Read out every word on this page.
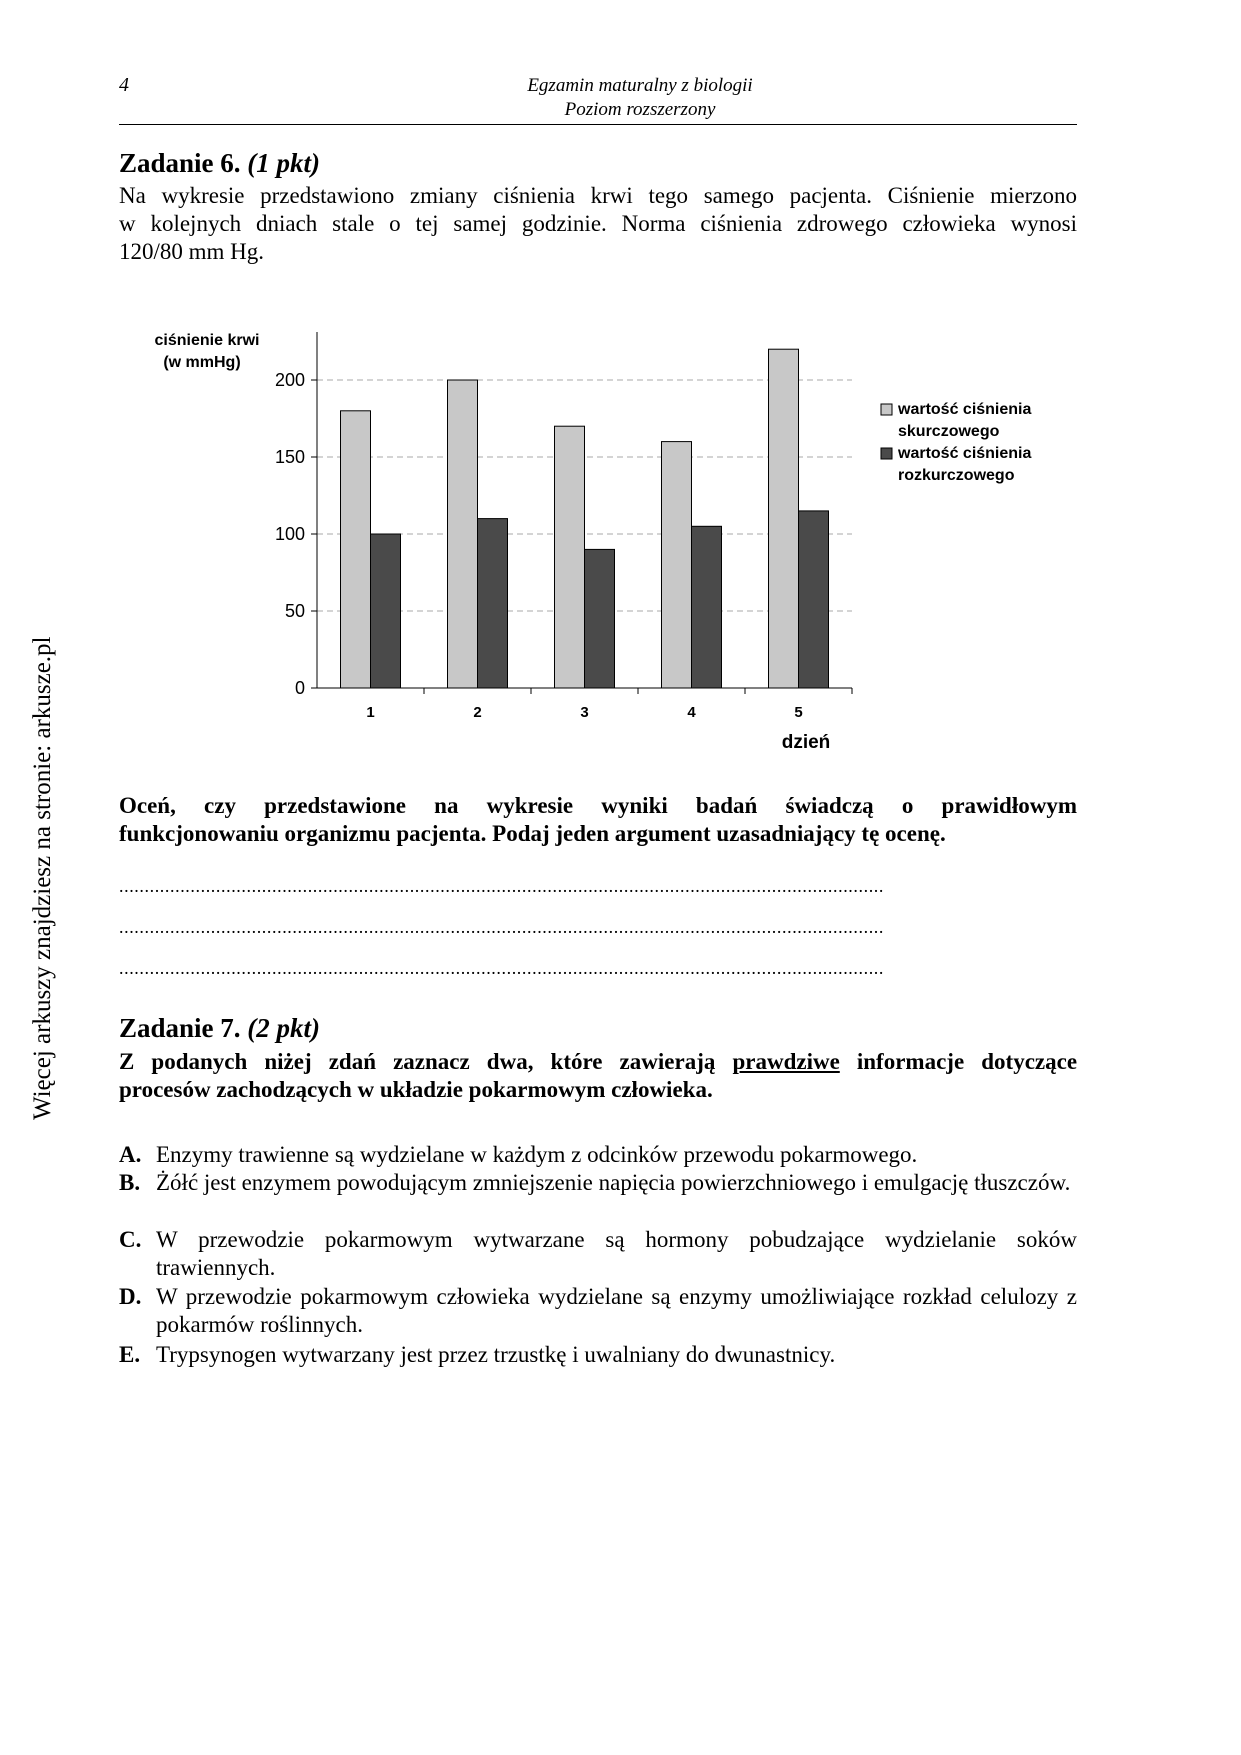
4	Egzamin maturalny z biologii
Poziom rozszerzony
Więcej arkuszy znajdziesz na stronie: arkusze.pl
Zadanie 6. (1 pkt)
Na wykresie przedstawiono zmiany ciśnienia krwi tego samego pacjenta. Ciśnienie mierzono
w kolejnych dniach stale o tej samej godzinie. Norma ciśnienia zdrowego człowieka wynosi
120/80 mm Hg.
0
50
100
150
200
1	2	3	4	5
ciśnienie krwi
(w mmHg)
dzień
wartość ciśnienia
skurczowego
wartość ciśnienia
rozkurczowego
Oceń, czy przedstawione na wykresie wyniki badań świadczą o prawidłowym
funkcjonowaniu organizmu pacjenta. Podaj jeden argument uzasadniający tę ocenę.
......................................................................................................................................................
......................................................................................................................................................
......................................................................................................................................................
Zadanie 7. (2 pkt)
Z podanych niżej zdań zaznacz dwa, które zawierają prawdziwe informacje dotyczące
procesów zachodzących w układzie pokarmowym człowieka.
A. Enzymy trawienne są wydzielane w każdym z odcinków przewodu pokarmowego.
B. Żółć jest enzymem powodującym zmniejszenie napięcia powierzchniowego i emulgację tłuszczów.
C. W przewodzie pokarmowym wytwarzane są hormony pobudzające wydzielanie soków trawiennych.
D. W przewodzie pokarmowym człowieka wydzielane są enzymy umożliwiające rozkład celulozy z pokarmów roślinnych.
E. Trypsynogen wytwarzany jest przez trzustkę i uwalniany do dwunastnicy.
